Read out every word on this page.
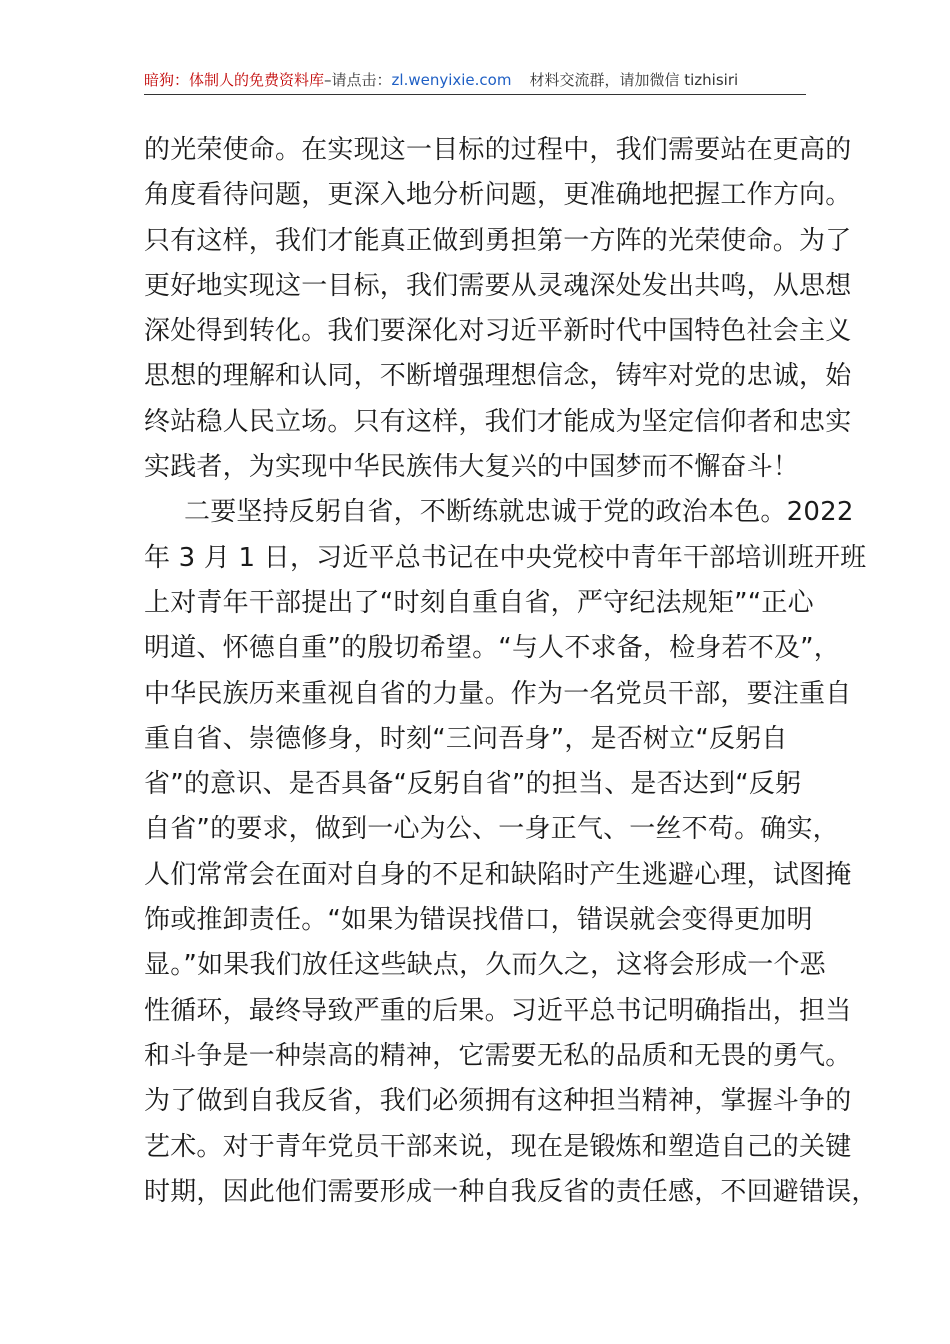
暗狗：体制人的免费资料库–请点击：zl.wenyixie.com 材料交流群，请加微信 tizhisiri
的光荣使命。在实现这一目标的过程中，我们需要站在更高的
角度看待问题，更深入地分析问题，更准确地把握工作方向。
只有这样，我们才能真正做到勇担第一方阵的光荣使命。为了
更好地实现这一目标，我们需要从灵魂深处发出共鸣，从思想
深处得到转化。我们要深化对习近平新时代中国特色社会主义
思想的理解和认同，不断增强理想信念，铸牢对党的忠诚，始
终站稳人民立场。只有这样，我们才能成为坚定信仰者和忠实
实践者，为实现中华民族伟大复兴的中国梦而不懈奋斗！
二要坚持反躬自省，不断练就忠诚于党的政治本色。2022
年 3 月 1 日，习近平总书记在中央党校中青年干部培训班开班
上对青年干部提出了“时刻自重自省，严守纪法规矩”“正心
明道、怀德自重”的殷切希望。“与人不求备，检身若不及”，
中华民族历来重视自省的力量。作为一名党员干部，要注重自
重自省、崇德修身，时刻“三问吾身”，是否树立“反躬自
省”的意识、是否具备“反躬自省”的担当、是否达到“反躬
自省”的要求，做到一心为公、一身正气、一丝不苟。确实，
人们常常会在面对自身的不足和缺陷时产生逃避心理，试图掩
饰或推卸责任。“如果为错误找借口，错误就会变得更加明
显。”如果我们放任这些缺点，久而久之，这将会形成一个恶
性循环，最终导致严重的后果。习近平总书记明确指出，担当
和斗争是一种崇高的精神，它需要无私的品质和无畏的勇气。
为了做到自我反省，我们必须拥有这种担当精神，掌握斗争的
艺术。对于青年党员干部来说，现在是锻炼和塑造自己的关键
时期，因此他们需要形成一种自我反省的责任感，不回避错误，
